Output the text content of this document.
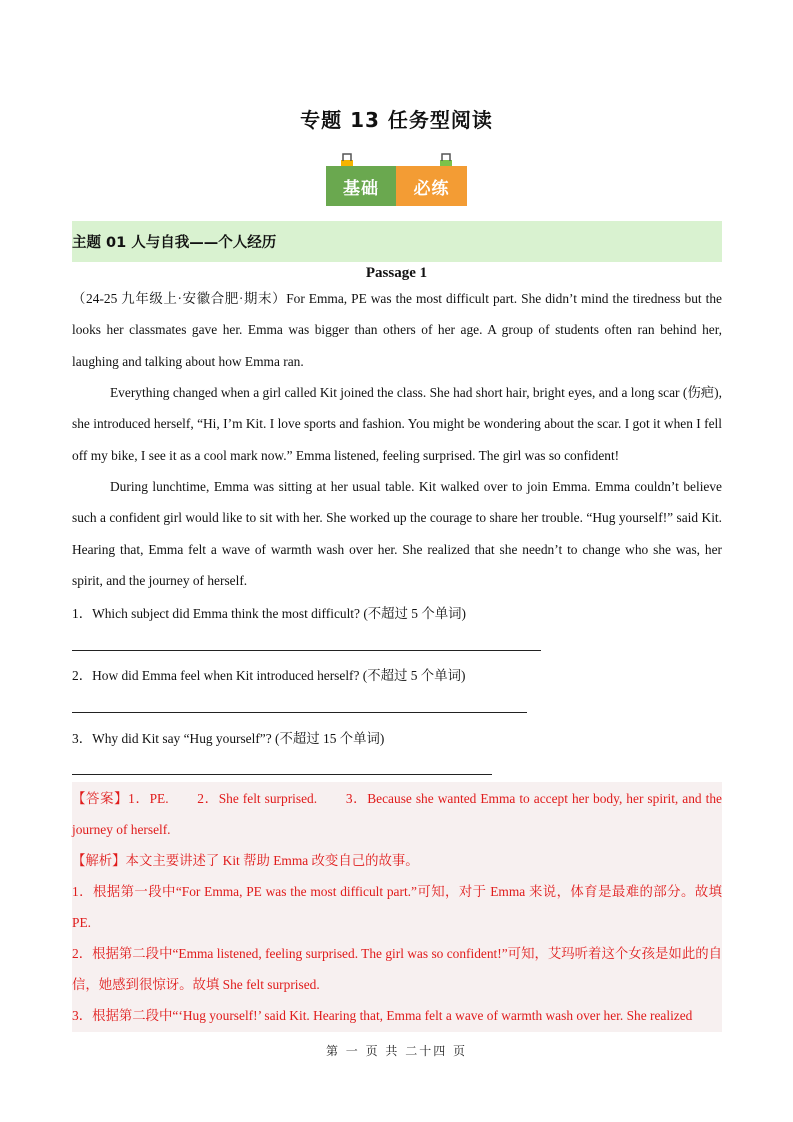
专题 13 任务型阅读
基础	必练
主题 01 人与自我——个人经历
Passage 1

（24-25 九年级上·安徽合肥·期末）For Emma, PE was the most difficult part. She didn’t mind the tiredness but the looks her classmates gave her. Emma was bigger than others of her age. A group of students often ran behind her, laughing and talking about how Emma ran.

Everything changed when a girl called Kit joined the class. She had short hair, bright eyes, and a long scar (伤疤), she introduced herself, “Hi, I’m Kit. I love sports and fashion. You might be wondering about the scar. I got it when I fell off my bike, I see it as a cool mark now.” Emma listened, feeling surprised. The girl was so confident!

During lunchtime, Emma was sitting at her usual table. Kit walked over to join Emma. Emma couldn’t believe such a confident girl would like to sit with her. She worked up the courage to share her trouble. “Hug yourself!” said Kit. Hearing that, Emma felt a wave of warmth wash over her. She realized that she needn’t to change who she was, her spirit, and the journey of herself.

1．Which subject did Emma think the most difficult? (不超过 5 个单词)
2．How did Emma feel when Kit introduced herself? (不超过 5 个单词)
3．Why did Kit say “Hug yourself”? (不超过 15 个单词)

【答案】1．PE.　　2．She felt surprised.　　3．Because she wanted Emma to accept her body, her spirit, and the journey of herself.

【解析】本文主要讲述了 Kit 帮助 Emma 改变自己的故事。

1．根据第一段中“For Emma, PE was the most difficult part.”可知，对于 Emma 来说，体育是最难的部分。故填 PE.

2．根据第二段中“Emma listened, feeling surprised. The girl was so confident!”可知，艾玛听着这个女孩是如此的自信，她感到很惊讶。故填 She felt surprised.

3．根据第二段中“‘Hug yourself!’ said Kit. Hearing that, Emma felt a wave of warmth wash over her. She realized

第 一 页 共 二十四 页
